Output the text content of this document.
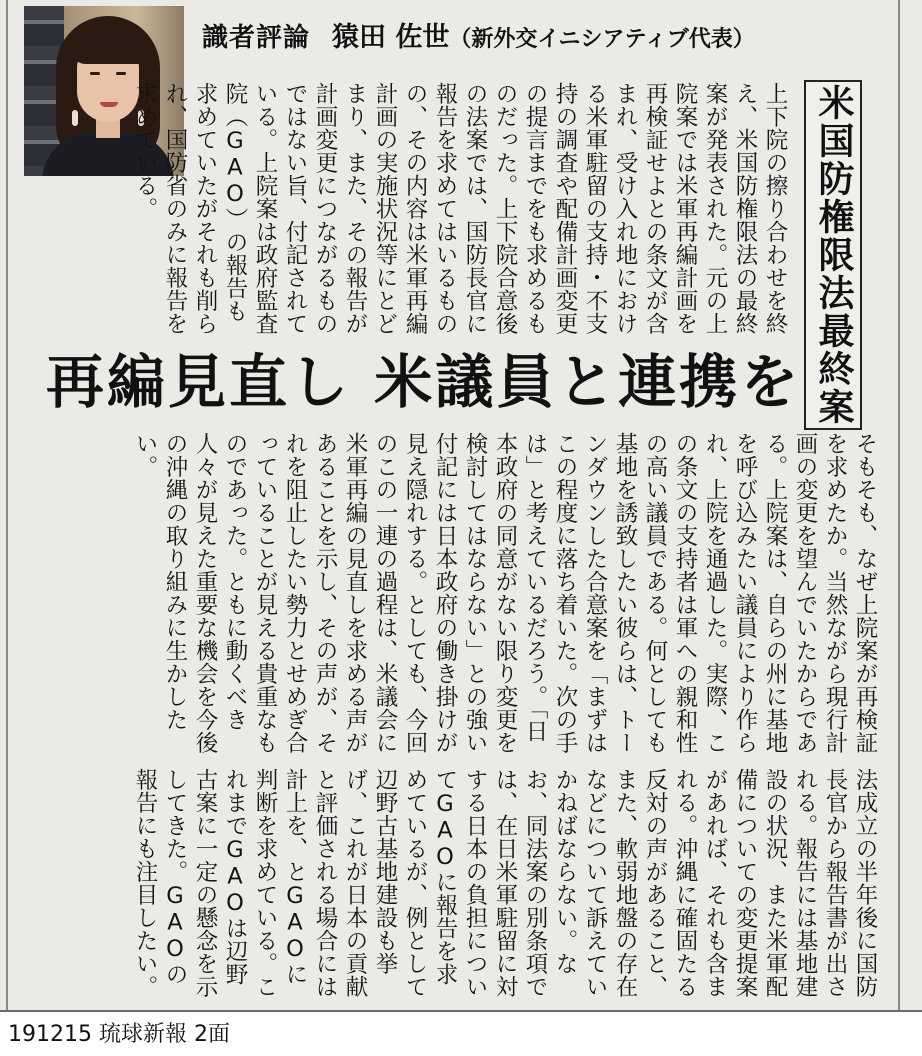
識者評論 猿田 佐世（新外交イニシアティブ代表）

米国防権限法最終案
再編見直し 米議員と連携を

上下院の擦り合わせを終え、米国防権限法の最終案が発表された。元の上院案では米軍再編計画を再検証せよとの条文が含まれ、受け入れ地における米軍駐留の支持・不支持の調査や配備計画変更の提言までをも求めるものだった。上下院合意後の法案では、国防長官に報告を求めてはいるものの、その内容は米軍再編計画の実施状況等にとどまり、また、その報告が計画変更につながるものではない旨、付記されている。上院案は政府監査院（GAO）の報告も求めていたがそれも削られ、国防省のみに報告を求めている。

そもそも、なぜ上院案が再検証を求めたか。当然ながら現行計画の変更を望んでいたからである。上院案は、自らの州に基地を呼び込みたい議員により作られ、上院を通過した。実際、この条文の支持者は軍への親和性の高い議員である。何としても基地を誘致したい彼らは、トーンダウンした合意案を「まずはこの程度に落ち着いた。次の手は」と考えているだろう。「日本政府の同意がない限り変更を検討してはならない」との強い付記には日本政府の働き掛けが見え隠れする。としても、今回のこの一連の過程は、米議会に米軍再編の見直しを求める声があることを示し、その声が、それを阻止したい勢力とせめぎ合っていることが見える貴重なものであった。ともに動くべき人々が見えた重要な機会を今後の沖縄の取り組みに生かしたい。

法成立の半年後に国防長官から報告書が出される。報告には基地建設の状況、また米軍配備についての変更提案があれば、それも含まれる。沖縄に確固たる反対の声があること、また、軟弱地盤の存在などについて訴えていかねばならない。なお、同法案の別条項では、在日米軍駐留に対する日本の負担についてGAOに報告を求めているが、例として辺野古基地建設も挙げ、これが日本の貢献と評価される場合には計上を、とGAOに判断を求めている。これまでGAOは辺野古案に一定の懸念を示してきた。GAOの報告にも注目したい。

191215 琉球新報 2面
